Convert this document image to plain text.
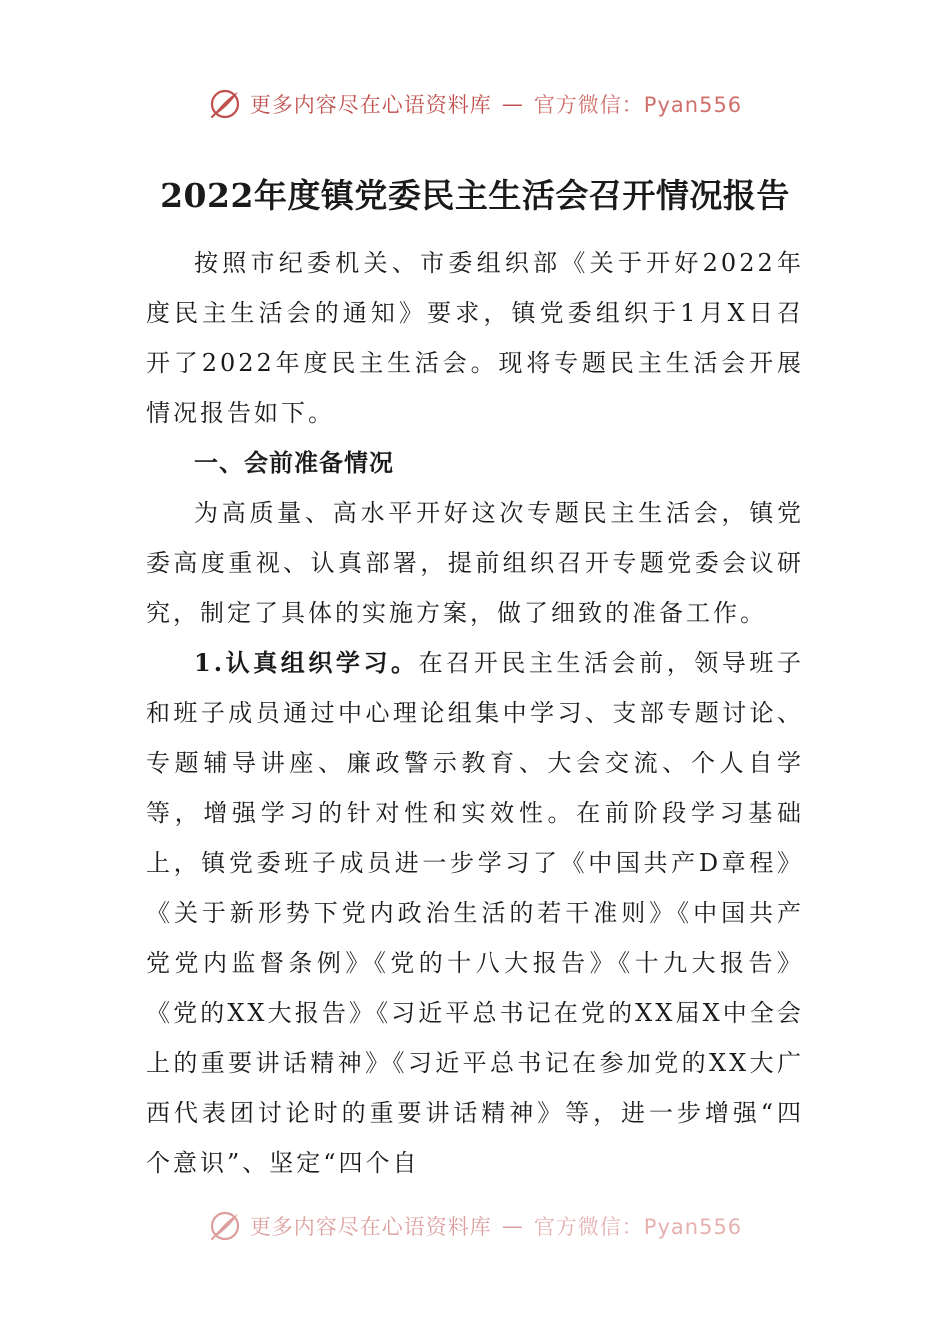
更多内容尽在心语资料库 — 官方微信：Pyan556
2022年度镇党委民主生活会召开情况报告

按照市纪委机关、市委组织部《关于开好2022年度民主生活会的通知》要求，镇党委组织于1月X日召开了2022年度民主生活会。现将专题民主生活会开展情况报告如下。

一、会前准备情况

为高质量、高水平开好这次专题民主生活会，镇党委高度重视、认真部署，提前组织召开专题党委会议研究，制定了具体的实施方案，做了细致的准备工作。

1.认真组织学习。在召开民主生活会前，领导班子和班子成员通过中心理论组集中学习、支部专题讨论、专题辅导讲座、廉政警示教育、大会交流、个人自学等，增强学习的针对性和实效性。在前阶段学习基础上，镇党委班子成员进一步学习了《中国共产D章程》《关于新形势下党内政治生活的若干准则》《中国共产党党内监督条例》《党的十八大报告》《十九大报告》《党的XX大报告》《习近平总书记在党的XX届X中全会上的重要讲话精神》《习近平总书记在参加党的XX大广西代表团讨论时的重要讲话精神》等，进一步增强“四个意识”、坚定“四个自

更多内容尽在心语资料库 — 官方微信：Pyan556
